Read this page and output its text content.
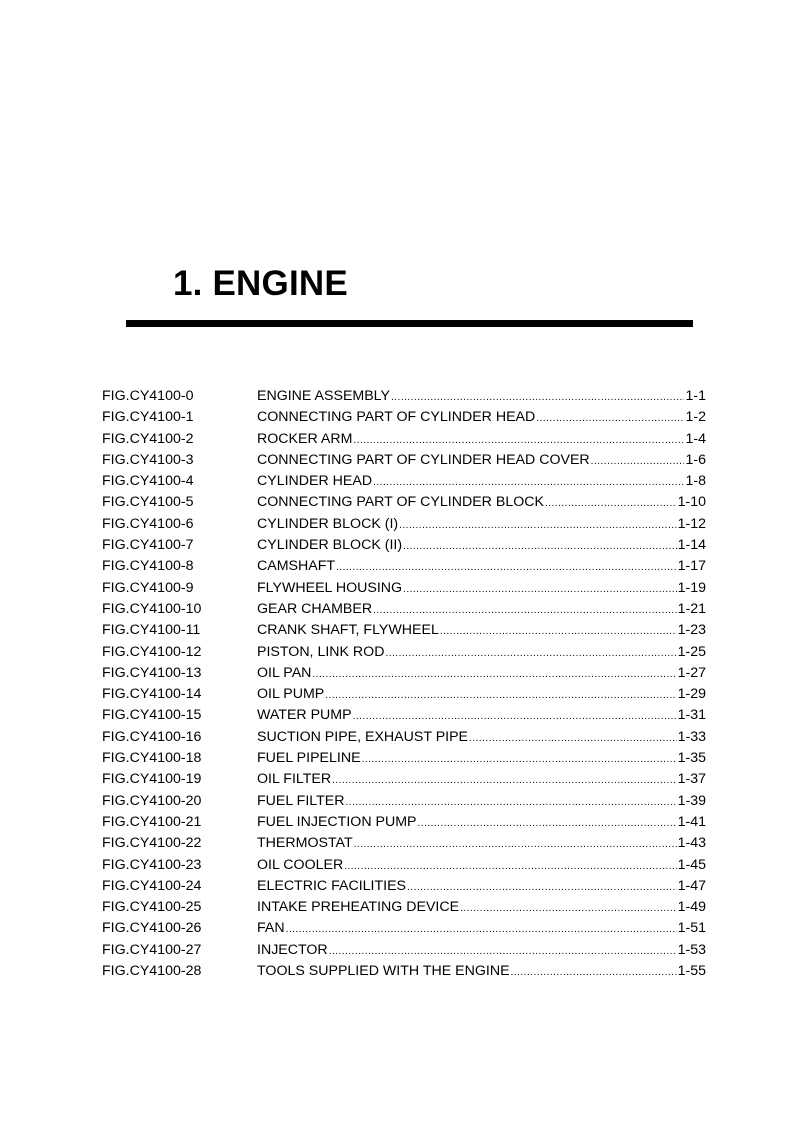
1. ENGINE
FIG.CY4100-0	ENGINE ASSEMBLY .....	1-1
FIG.CY4100-1	CONNECTING PART OF CYLINDER HEAD .....	1-2
FIG.CY4100-2	ROCKER ARM .....	1-4
FIG.CY4100-3	CONNECTING PART OF CYLINDER HEAD COVER .....	1-6
FIG.CY4100-4	CYLINDER HEAD .....	1-8
FIG.CY4100-5	CONNECTING PART OF CYLINDER BLOCK .....	1-10
FIG.CY4100-6	CYLINDER BLOCK (I) .....	1-12
FIG.CY4100-7	CYLINDER BLOCK (II) .....	1-14
FIG.CY4100-8	CAMSHAFT .....	1-17
FIG.CY4100-9	FLYWHEEL HOUSING .....	1-19
FIG.CY4100-10	GEAR CHAMBER .....	1-21
FIG.CY4100-11	CRANK SHAFT, FLYWHEEL .....	1-23
FIG.CY4100-12	PISTON, LINK ROD .....	1-25
FIG.CY4100-13	OIL PAN .....	1-27
FIG.CY4100-14	OIL PUMP .....	1-29
FIG.CY4100-15	WATER PUMP .....	1-31
FIG.CY4100-16	SUCTION PIPE, EXHAUST PIPE .....	1-33
FIG.CY4100-18	FUEL PIPELINE .....	1-35
FIG.CY4100-19	OIL FILTER .....	1-37
FIG.CY4100-20	FUEL FILTER .....	1-39
FIG.CY4100-21	FUEL INJECTION PUMP .....	1-41
FIG.CY4100-22	THERMOSTAT .....	1-43
FIG.CY4100-23	OIL COOLER .....	1-45
FIG.CY4100-24	ELECTRIC FACILITIES .....	1-47
FIG.CY4100-25	INTAKE PREHEATING DEVICE .....	1-49
FIG.CY4100-26	FAN .....	1-51
FIG.CY4100-27	INJECTOR .....	1-53
FIG.CY4100-28	TOOLS SUPPLIED WITH THE ENGINE .....	1-55
